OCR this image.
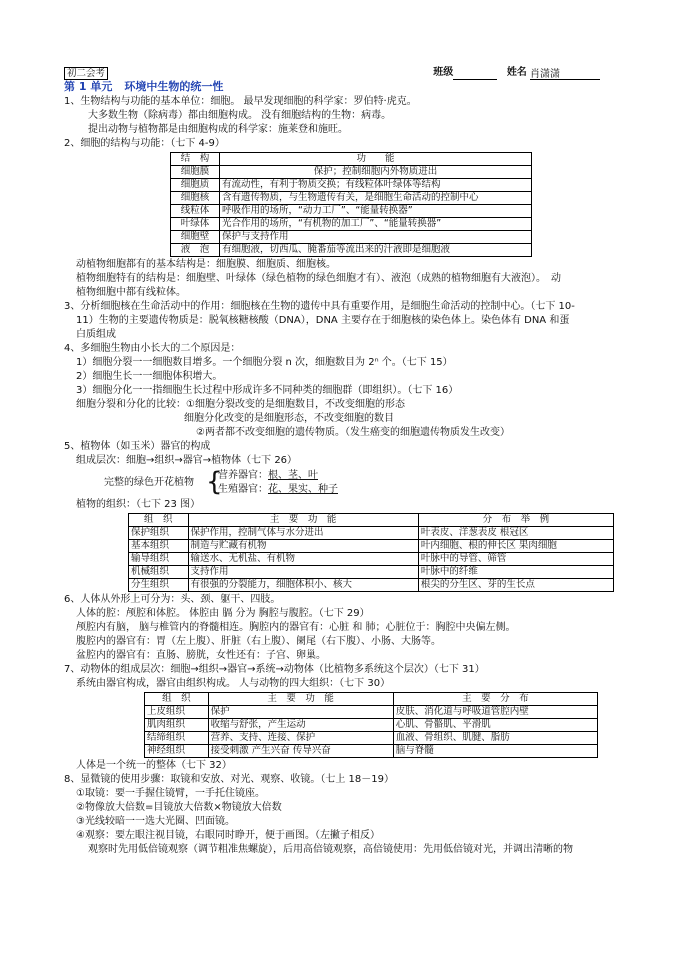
初二会考	班级	姓名 肖潇潇
第 1 单元 环境中生物的统一性

1、生物结构与功能的基本单位：细胞。 最早发现细胞的科学家：罗伯特·虎克。

大多数生物（除病毒）都由细胞构成。 没有细胞结构的生物：病毒。

提出动物与植物都是由细胞构成的科学家：施莱登和施旺。

2、细胞的结构与功能：（七下 4-9）

结　构	功　　能
细胞膜	保护；控制细胞内外物质进出
细胞质	有流动性，有利于物质交换；有线粒体叶绿体等结构
细胞核	含有遗传物质，与生物遗传有关，是细胞生命活动的控制中心
线粒体	呼吸作用的场所，“动力工厂”、“能量转换器”
叶绿体	光合作用的场所，“有机物的加工厂”、“能量转换器”
细胞壁	保护与支持作用
液　泡	有细胞液，切西瓜、腌番茄等流出来的汁液即是细胞液

动植物细胞都有的基本结构是：细胞膜、细胞质、细胞核。

植物细胞特有的结构是：细胞壁、叶绿体（绿色植物的绿色细胞才有）、液泡（成熟的植物细胞有大液泡）。　动

植物细胞中都有线粒体。

3、分析细胞核在生命活动中的作用：细胞核在生物的遗传中具有重要作用，是细胞生命活动的控制中心。（七下 10-

11）生物的主要遗传物质是：脱氧核糖核酸（DNA），DNA 主要存在于细胞核的染色体上。染色体有 DNA 和蛋

白质组成

4、多细胞生物由小长大的二个原因是：

1）细胞分裂一一细胞数目增多。一个细胞分裂 n 次，细胞数目为 2ⁿ 个。（七下 15）

2）细胞生长一一细胞体积增大。

3）细胞分化一一指细胞生长过程中形成许多不同种类的细胞群（即组织）。（七下 16）

细胞分裂和分化的比较：①细胞分裂改变的是细胞数目，不改变细胞的形态

细胞分化改变的是细胞形态，不改变细胞的数目

②两者都不改变细胞的遗传物质。（发生癌变的细胞遗传物质发生改变）

5、植物体（如玉米）器官的构成

组成层次：细胞→组织→器官→植物体（七下 26）

完整的绿色开花植物 {
营养器官：根、茎、叶
生殖器官：花、果实、种子

植物的组织：（七下 23 图）

组　织	主　要　功　能	分　布　举　例
保护组织	保护作用，控制气体与水分进出	叶表皮、洋葱表皮 根冠区
基本组织	制造与贮藏有机物	叶内细胞、根的伸长区 果肉细胞
输导组织	输送水、无机盐、有机物	叶脉中的导管、筛管
机械组织	支持作用	叶脉中的纤维
分生组织	有很强的分裂能力，细胞体积小、核大	根尖的分生区、芽的生长点

6、人体从外形上可分为：头、颈、躯干、四肢。

人体的腔：颅腔和体腔。 体腔由 膈 分为 胸腔与腹腔。（七下 29）

颅腔内有脑， 脑与椎管内的脊髓相连。胸腔内的器官有：心脏 和 肺；心脏位于：胸腔中央偏左侧。

腹腔内的器官有：胃（左上腹）、肝脏（右上腹）、阑尾（右下腹）、小肠、大肠等。

盆腔内的器官有：直肠、膀胱，女性还有：子宫、卵巢。

7、动物体的组成层次：细胞→组织→器官→系统→动物体（比植物多系统这个层次）（七下 31）

系统由器官构成，器官由组织构成。 人与动物的四大组织：（七下 30）

组　织	主　要　功　能	主　要　分　布
上皮组织	保护	皮肤、消化道与呼吸道管腔内壁
肌肉组织	收缩与舒张，产生运动	心肌、骨骼肌、平滑肌
结缔组织	营养、支持、连接、保护	血液、骨组织、肌腱、脂肪
神经组织	接受刺激 产生兴奋 传导兴奋	脑与脊髓

人体是一个统一的整体（七下 32）

8、显微镜的使用步骤：取镜和安放、对光、观察、收镜。（七上 18－19）

①取镜：要一手握住镜臂，一手托住镜座。

②物像放大倍数=目镜放大倍数×物镜放大倍数

③光线较暗一一选大光圈、凹面镜。

④观察：要左眼注视目镜，右眼同时睁开，便于画图。（左撇子相反）

观察时先用低倍镜观察（调节粗准焦螺旋），后用高倍镜观察，高倍镜使用：先用低倍镜对光，并调出清晰的物
